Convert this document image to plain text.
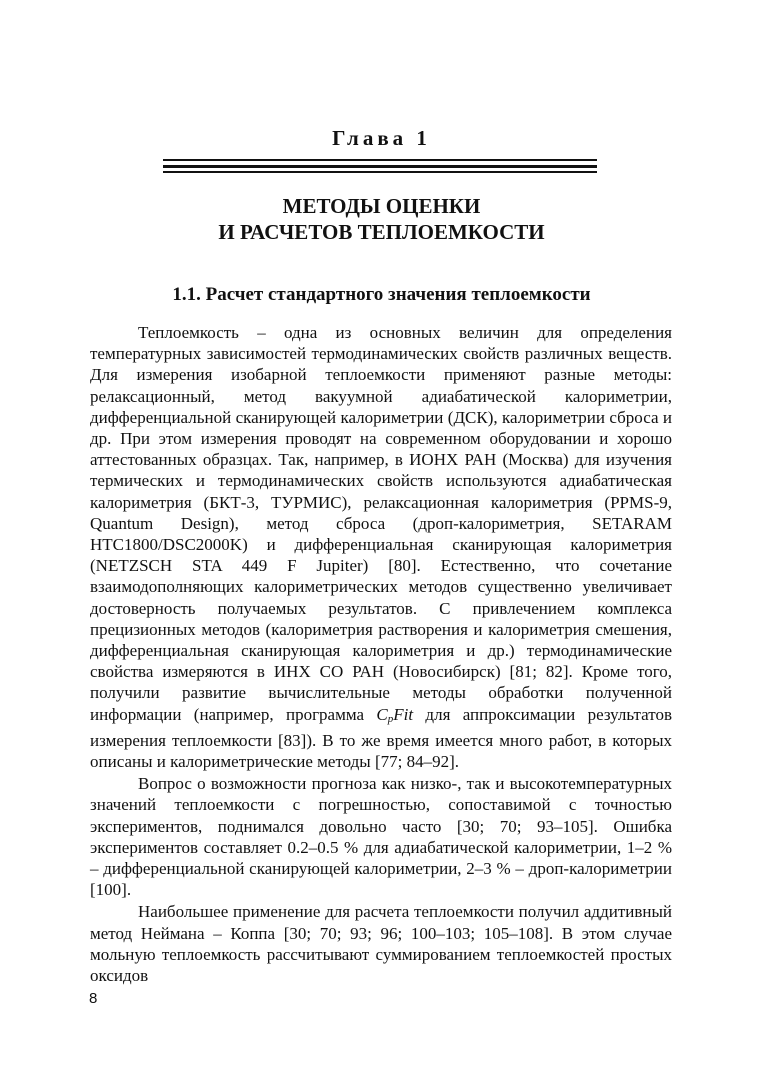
Глава 1
МЕТОДЫ ОЦЕНКИ
И РАСЧЕТОВ ТЕПЛОЕМКОСТИ
1.1. Расчет стандартного значения теплоемкости

Теплоемкость – одна из основных величин для определения температурных зависимостей термодинамических свойств различных веществ. Для измерения изобарной теплоемкости применяют разные методы: релаксационный, метод вакуумной адиабатической калориметрии, дифференциальной сканирующей калориметрии (ДСК), калориметрии сброса и др. При этом измерения проводят на современном оборудовании и хорошо аттестованных образцах. Так, например, в ИОНХ РАН (Москва) для изучения термических и термодинамических свойств используются адиабатическая калориметрия (БКТ-3, ТУРМИС), релаксационная калориметрия (PPMS-9, Quantum Design), метод сброса (дроп-калориметрия, SETARAM HTC1800/DSC2000K) и дифференциальная сканирующая калориметрия (NETZSCH STA 449 F Jupiter) [80]. Естественно, что сочетание взаимодополняющих калориметрических методов существенно увеличивает достоверность получаемых результатов. С привлечением комплекса прецизионных методов (калориметрия растворения и калориметрия смешения, дифференциальная сканирующая калориметрия и др.) термодинамические свойства измеряются в ИНХ СО РАН (Новосибирск) [81; 82]. Кроме того, получили развитие вычислительные методы обработки полученной информации (например, программа CpFit для аппроксимации результатов измерения теплоемкости [83]). В то же время имеется много работ, в которых описаны и калориметрические методы [77; 84–92].

Вопрос о возможности прогноза как низко-, так и высокотемпературных значений теплоемкости с погрешностью, сопоставимой с точностью экспериментов, поднимался довольно часто [30; 70; 93–105]. Ошибка экспериментов составляет 0.2–0.5 % для адиабатической калориметрии, 1–2 % – дифференциальной сканирующей калориметрии, 2–3 % – дроп-калориметрии [100].

Наибольшее применение для расчета теплоемкости получил аддитивный метод Неймана – Коппа [30; 70; 93; 96; 100–103; 105–108]. В этом случае мольную теплоемкость рассчитывают суммированием теплоемкостей простых оксидов

8
